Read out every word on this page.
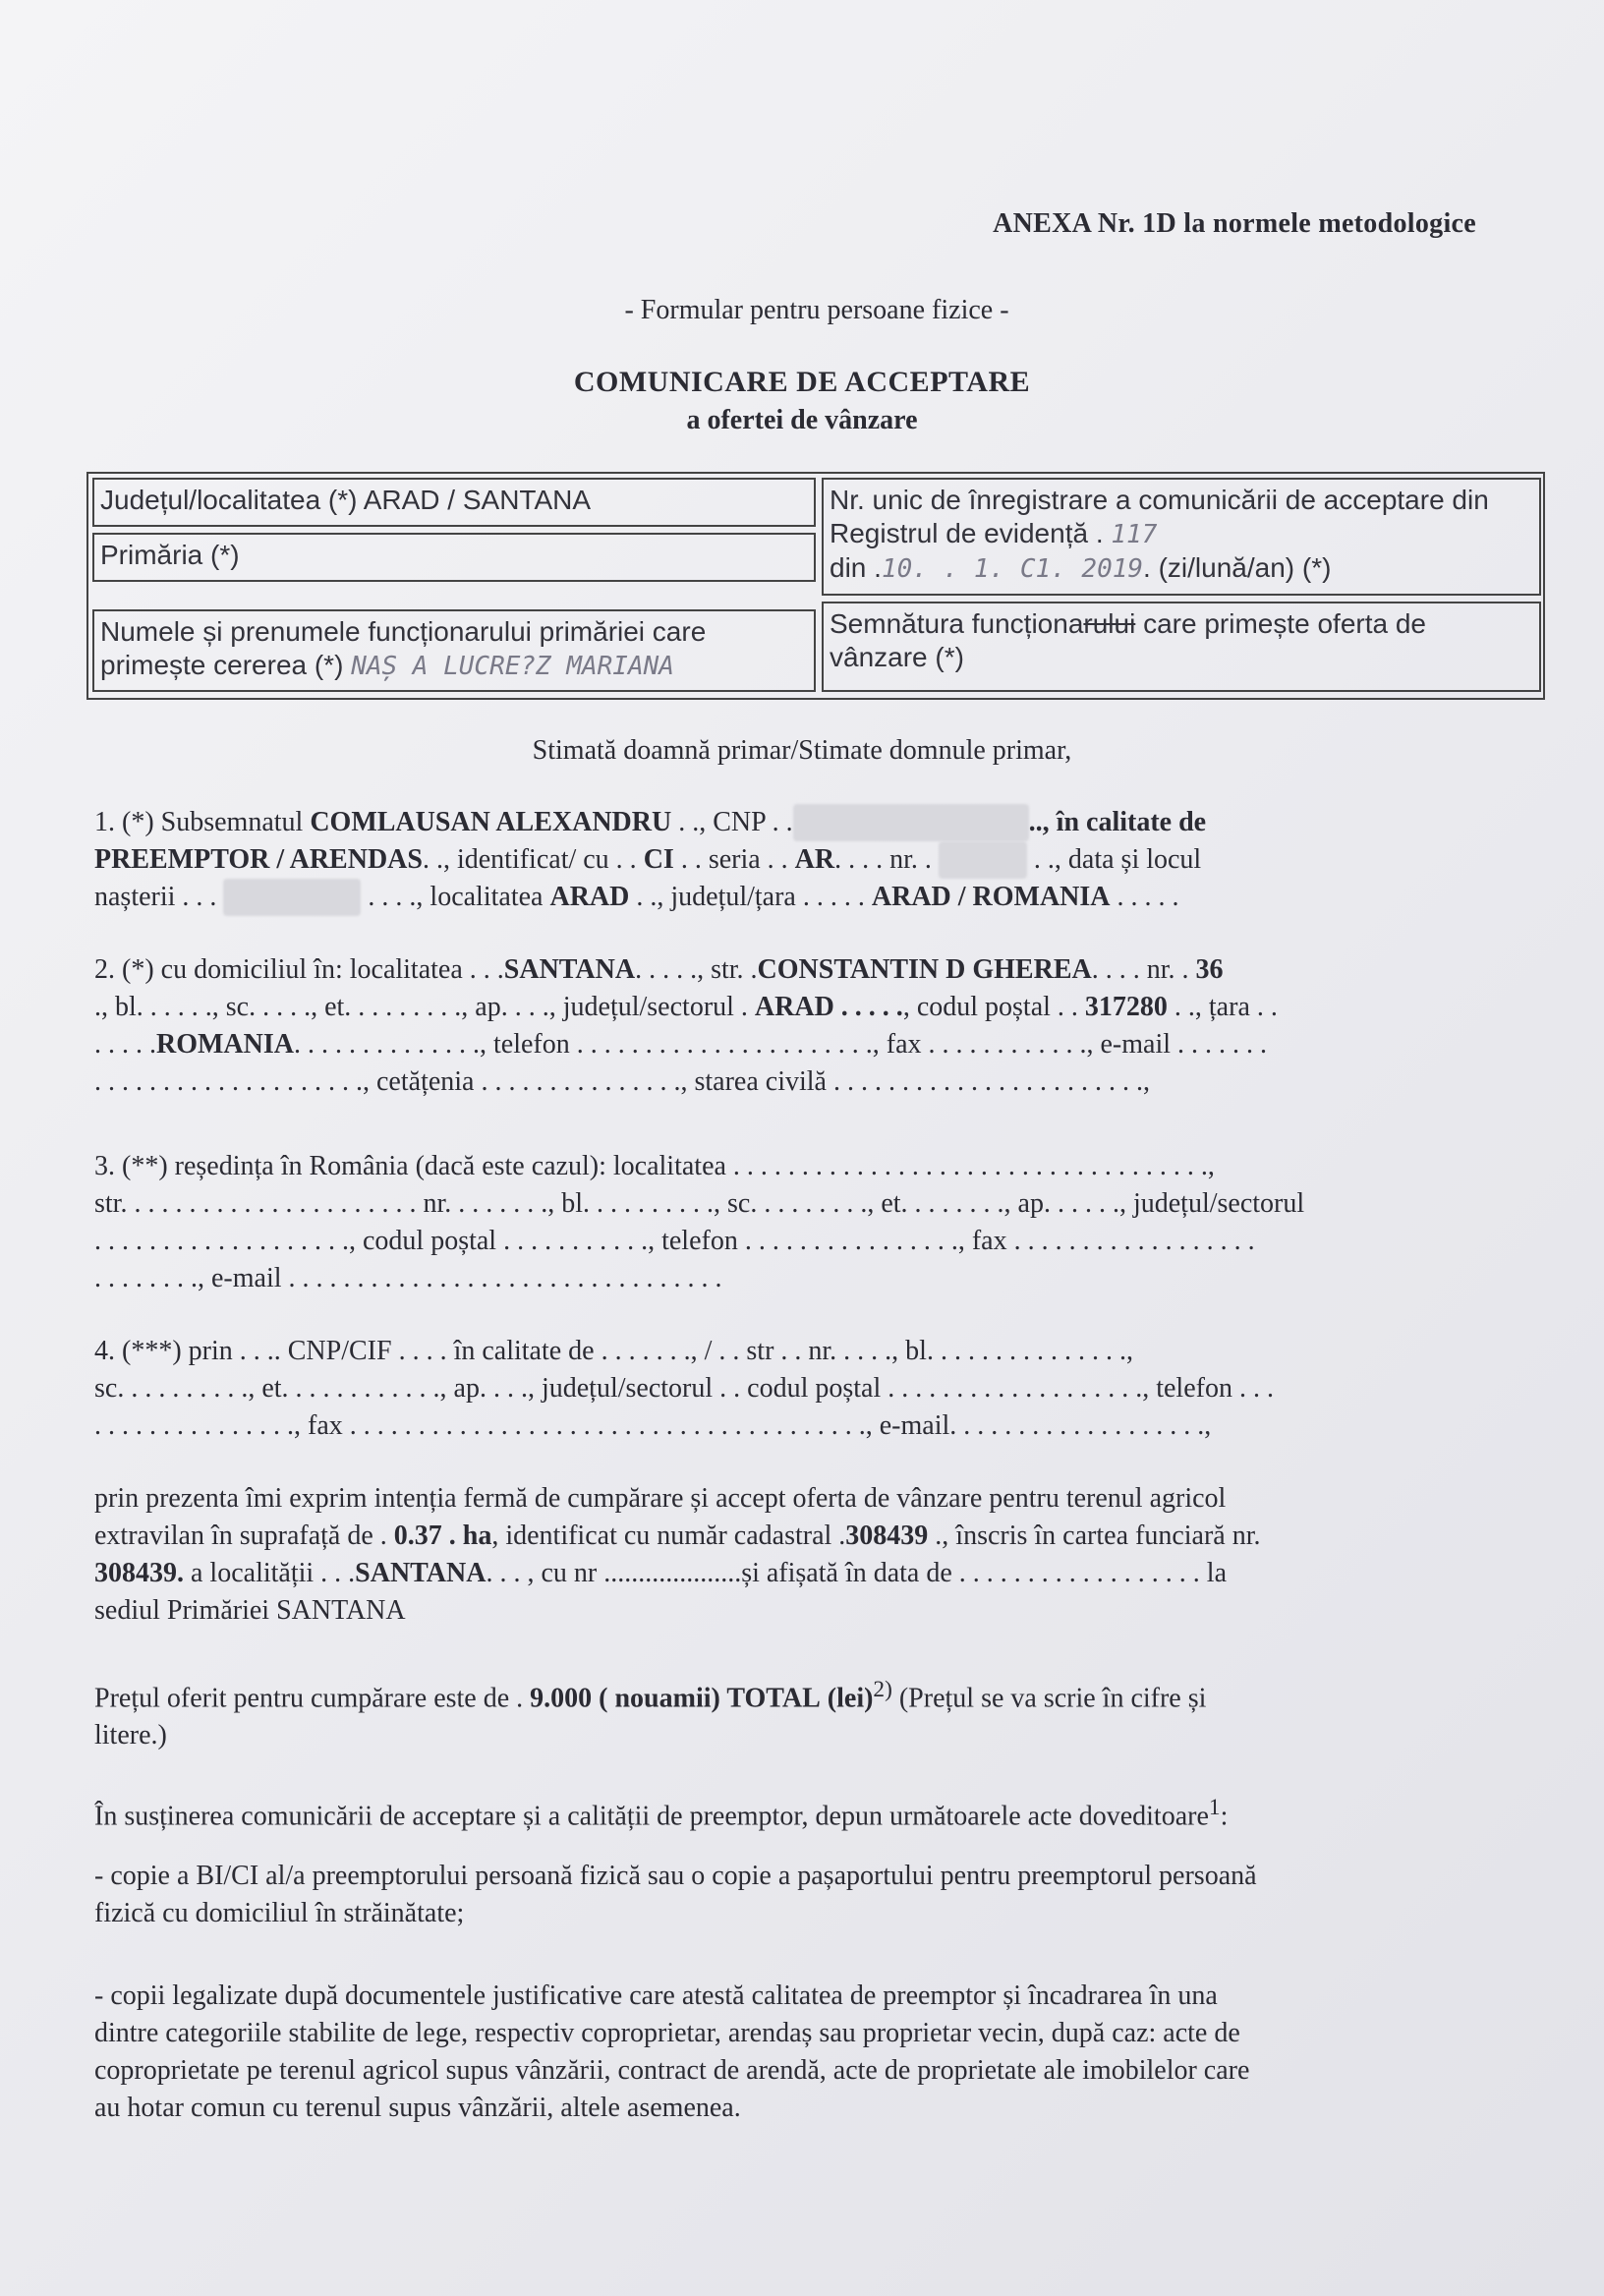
ANEXA Nr. 1D la normele metodologice
- Formular pentru persoane fizice -
COMUNICARE DE ACCEPTARE
a ofertei de vânzare
Județul/localitatea (*) ARAD / SANTANA
Primăria (*)
Numele și prenumele funcționarului primăriei care
primește cererea (*) NAȘ A LUCRE?Z MARIANA
Nr. unic de înregistrare a comunicării de acceptare din
Registrul de evidență . 117
din .10. . 1. C1. 2019. (zi/lună/an) (*)
Semnătura funcționarului care primește oferta de
vânzare (*)
Stimată doamnă primar/Stimate domnule primar,

1. (*) Subsemnatul COMLAUSAN ALEXANDRU . ., CNP . .	.., în calitate de

PREEMPTOR / ARENDAS. ., identificat/ cu . . CI . . seria . . AR. . . . nr. .	. ., data și locul

nașterii . . .	. . . ., localitatea ARAD . ., județul/țara . . . . . ARAD / ROMANIA . . . . .

2. (*) cu domiciliul în: localitatea . . .SANTANA. . . . ., str. .CONSTANTIN D GHEREA. . . . nr. . 36

., bl. . . . . ., sc. . . . ., et. . . . . . . . ., ap. . . ., județul/sectorul . ARAD . . . . ., codul poștal . . 317280 . ., țara . .

. . . . .ROMANIA. . . . . . . . . . . . . ., telefon . . . . . . . . . . . . . . . . . . . . . ., fax . . . . . . . . . . . ., e-mail . . . . . . .

. . . . . . . . . . . . . . . . . . . ., cetățenia . . . . . . . . . . . . . . ., starea civilă . . . . . . . . . . . . . . . . . . . . . . .,

3. (**) reședința în România (dacă este cazul): localitatea . . . . . . . . . . . . . . . . . . . . . . . . . . . . . . . . . . .,

str. . . . . . . . . . . . . . . . . . . . . . nr. . . . . . . ., bl. . . . . . . . . ., sc. . . . . . . . ., et. . . . . . . ., ap. . . . . ., județul/sectorul

. . . . . . . . . . . . . . . . . . ., codul poștal . . . . . . . . . . ., telefon . . . . . . . . . . . . . . . ., fax . . . . . . . . . . . . . . . . . .

. . . . . . . ., e-mail . . . . . . . . . . . . . . . . . . . . . . . . . . . . . . . .

4. (***) prin . . .. CNP/CIF . . . . în calitate de . . . . . . ., / . . str . . nr. . . . ., bl. . . . . . . . . . . . . . .,

sc. . . . . . . . . ., et. . . . . . . . . . . ., ap. . . ., județul/sectorul . . codul poștal . . . . . . . . . . . . . . . . . . ., telefon . . .

. . . . . . . . . . . . . . ., fax . . . . . . . . . . . . . . . . . . . . . . . . . . . . . . . . . . . . . ., e-mail. . . . . . . . . . . . . . . . . . .,

prin prezenta îmi exprim intenția fermă de cumpărare și accept oferta de vânzare pentru terenul agricol

extravilan în suprafață de . 0.37 . ha, identificat cu număr cadastral .308439 ., înscris în cartea funciară nr.

308439. a localității . . .SANTANA. . . , cu nr ....................și afișată în data de . . . . . . . . . . . . . . . . . . la

sediul Primăriei SANTANA

Prețul oferit pentru cumpărare este de . 9.000 ( nouamii) TOTAL (lei)$^{2)}$ (Prețul se va scrie în cifre și

litere.)

În susținerea comunicării de acceptare și a calității de preemptor, depun următoarele acte doveditoare$^1$:

- copie a BI/CI al/a preemptorului persoană fizică sau o copie a pașaportului pentru preemptorul persoană

fizică cu domiciliul în străinătate;

- copii legalizate după documentele justificative care atestă calitatea de preemptor și încadrarea în una

dintre categoriile stabilite de lege, respectiv coproprietar, arendaș sau proprietar vecin, după caz: acte de

coproprietate pe terenul agricol supus vânzării, contract de arendă, acte de proprietate ale imobilelor care

au hotar comun cu terenul supus vânzării, altele asemenea.
